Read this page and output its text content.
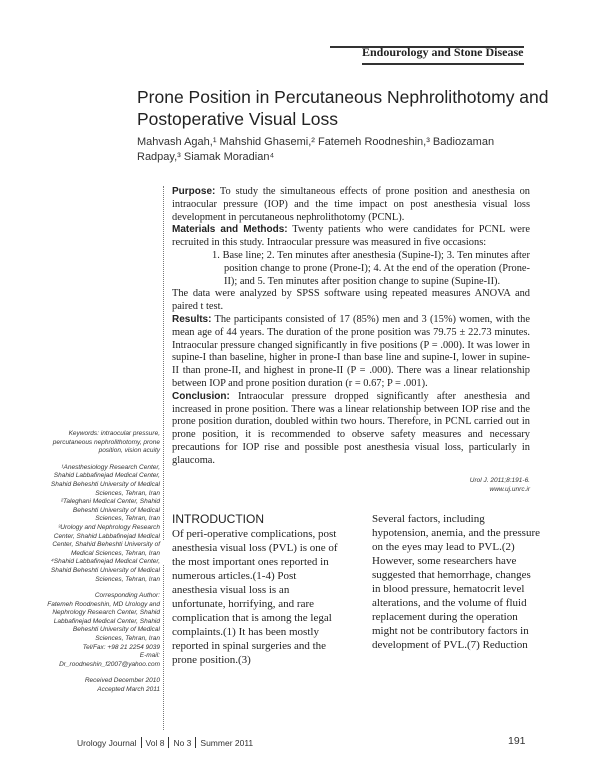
Endourology and Stone Disease
Prone Position in Percutaneous Nephrolithotomy and Postoperative Visual Loss
Mahvash Agah,¹ Mahshid Ghasemi,² Fatemeh Roodneshin,³ Badiozaman Radpay,³ Siamak Moradian⁴

Purpose: To study the simultaneous effects of prone position and anesthesia on intraocular pressure (IOP) and the time impact on post anesthesia visual loss development in percutaneous nephrolithotomy (PCNL).

Materials and Methods: Twenty patients who were candidates for PCNL were recruited in this study. Intraocular pressure was measured in five occasions:

1. Base line; 2. Ten minutes after anesthesia (Supine-I); 3. Ten minutes after position change to prone (Prone-I); 4. At the end of the operation (Prone-II); and 5. Ten minutes after position change to supine (Supine-II).

The data were analyzed by SPSS software using repeated measures ANOVA and paired t test.

Results: The participants consisted of 17 (85%) men and 3 (15%) women, with the mean age of 44 years. The duration of the prone position was 79.75 ± 22.73 minutes. Intraocular pressure changed significantly in five positions (P = .000). It was lower in supine-I than baseline, higher in prone-I than base line and supine-I, lower in supine-II than prone-II, and highest in prone-II (P = .000). There was a linear relationship between IOP and prone position duration (r = 0.67; P = .001).

Conclusion: Intraocular pressure dropped significantly after anesthesia and increased in prone position. There was a linear relationship between IOP rise and the prone position duration, doubled within two hours. Therefore, in PCNL carried out in prone position, it is recommended to observe safety measures and necessary precautions for IOP rise and possible post anesthesia visual loss, particularly in glaucoma.

Urol J. 2011;8:191-6.
www.uj.unrc.ir
INTRODUCTION
Of peri-operative complications, post anesthesia visual loss (PVL) is one of the most important ones reported in numerous articles.(1-4) Post anesthesia visual loss is an unfortunate, horrifying, and rare complication that is among the legal complaints.(1) It has been mostly reported in spinal surgeries and the prone position.(3)
Several factors, including hypotension, anemia, and the pressure on the eyes may lead to PVL.(2) However, some researchers have suggested that hemorrhage, changes in blood pressure, hematocrit level alterations, and the volume of fluid replacement during the operation might not be contributory factors in development of PVL.(7) Reduction
Keywords: intraocular pressure, percutaneous nephrolithotomy, prone position, vision acuity

¹Anesthesiology Research Center, Shahid Labbafinejad Medical Center, Shahid Beheshti University of Medical Sciences, Tehran, Iran

²Taleghani Medical Center, Shahid Beheshti University of Medical Sciences, Tehran, Iran

³Urology and Nephrology Research Center, Shahid Labbafinejad Medical Center, Shahid Beheshti University of Medical Sciences, Tehran, Iran

⁴Shahid Labbafinejad Medical Center, Shahid Beheshti University of Medical Sciences, Tehran, Iran

Corresponding Author:

Fatemeh Roodneshin, MD Urology and Nephrology Research Center, Shahid Labbafinejad Medical Center, Shahid Beheshti University of Medical Sciences, Tehran, Iran

Tel/Fax: +98 21 2254 9039

E-mail: Dr_roodneshin_f2007@yahoo.com

Received December 2010

Accepted March 2011

Urology Journal Vol 8 No 3 Summer 2011	191
